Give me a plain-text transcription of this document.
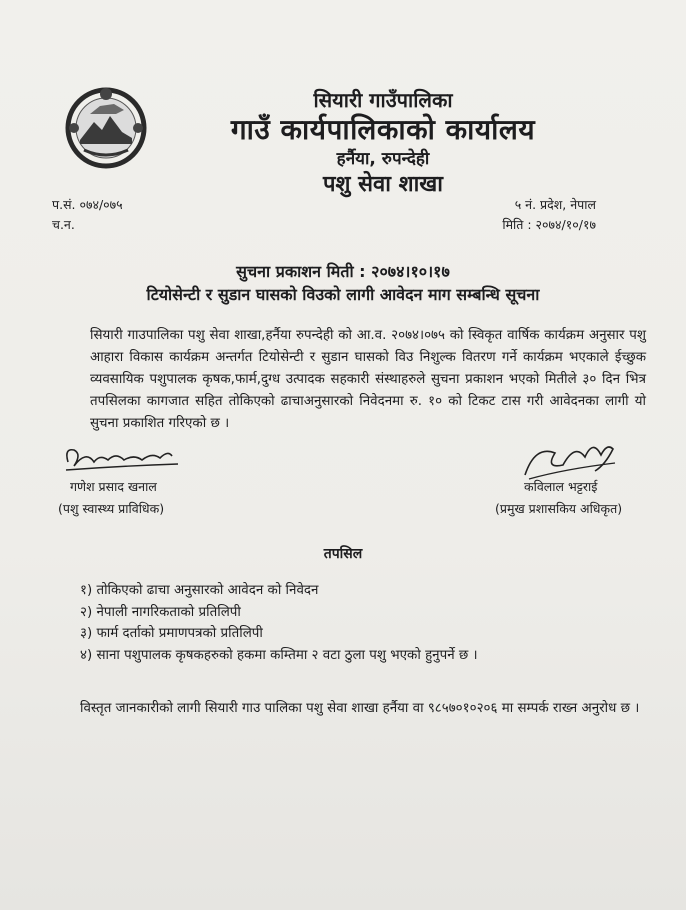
सियारी गाउँपालिका
गाउँ कार्यपालिकाको कार्यालय
हर्नैया, रुपन्देही
पशु सेवा शाखा
प.सं. ०७४/०७५
च.न.
५ नं. प्रदेश, नेपाल
मिति : २०७४/१०/१७
सुचना प्रकाशन मिती : २०७४।१०।१७
टियोसेन्टी र सुडान घासको विउको लागी आवेदन माग सम्बन्धि सूचना
सियारी गाउपालिका पशु सेवा शाखा,हर्नैया रुपन्देही को आ.व. २०७४।०७५ को स्विकृत वार्षिक कार्यक्रम अनुसार पशु आहारा विकास कार्यक्रम अन्तर्गत टियोसेन्टी र सुडान घासको विउ निशुल्क वितरण गर्ने कार्यक्रम भएकाले ईच्छुक व्यवसायिक पशुपालक कृषक,फार्म,दुग्ध उत्पादक सहकारी संस्थाहरुले सुचना प्रकाशन भएको मितीले ३० दिन भित्र तपसिलका कागजात सहित तोकिएको ढाचाअनुसारको निवेदनमा रु. १० को टिकट टास गरी आवेदनका लागी यो सुचना प्रकाशित गरिएको छ ।
गणेश प्रसाद खनाल
(पशु स्वास्थ्य प्राविधिक)
कविलाल भट्टराई
(प्रमुख प्रशासकिय अधिकृत)
तपसिल
१) तोकिएको ढाचा अनुसारको आवेदन को निवेदन
२) नेपाली नागरिकताको प्रतिलिपी
३) फार्म दर्ताको प्रमाणपत्रको प्रतिलिपी
४) साना पशुपालक कृषकहरुको हकमा कम्तिमा २ वटा ठुला पशु भएको हुनुपर्ने छ ।
विस्तृत जानकारीको लागी सियारी गाउ पालिका पशु सेवा शाखा हर्नैया वा ९८५७०१०२०६ मा सम्पर्क राख्न अनुरोध छ ।
